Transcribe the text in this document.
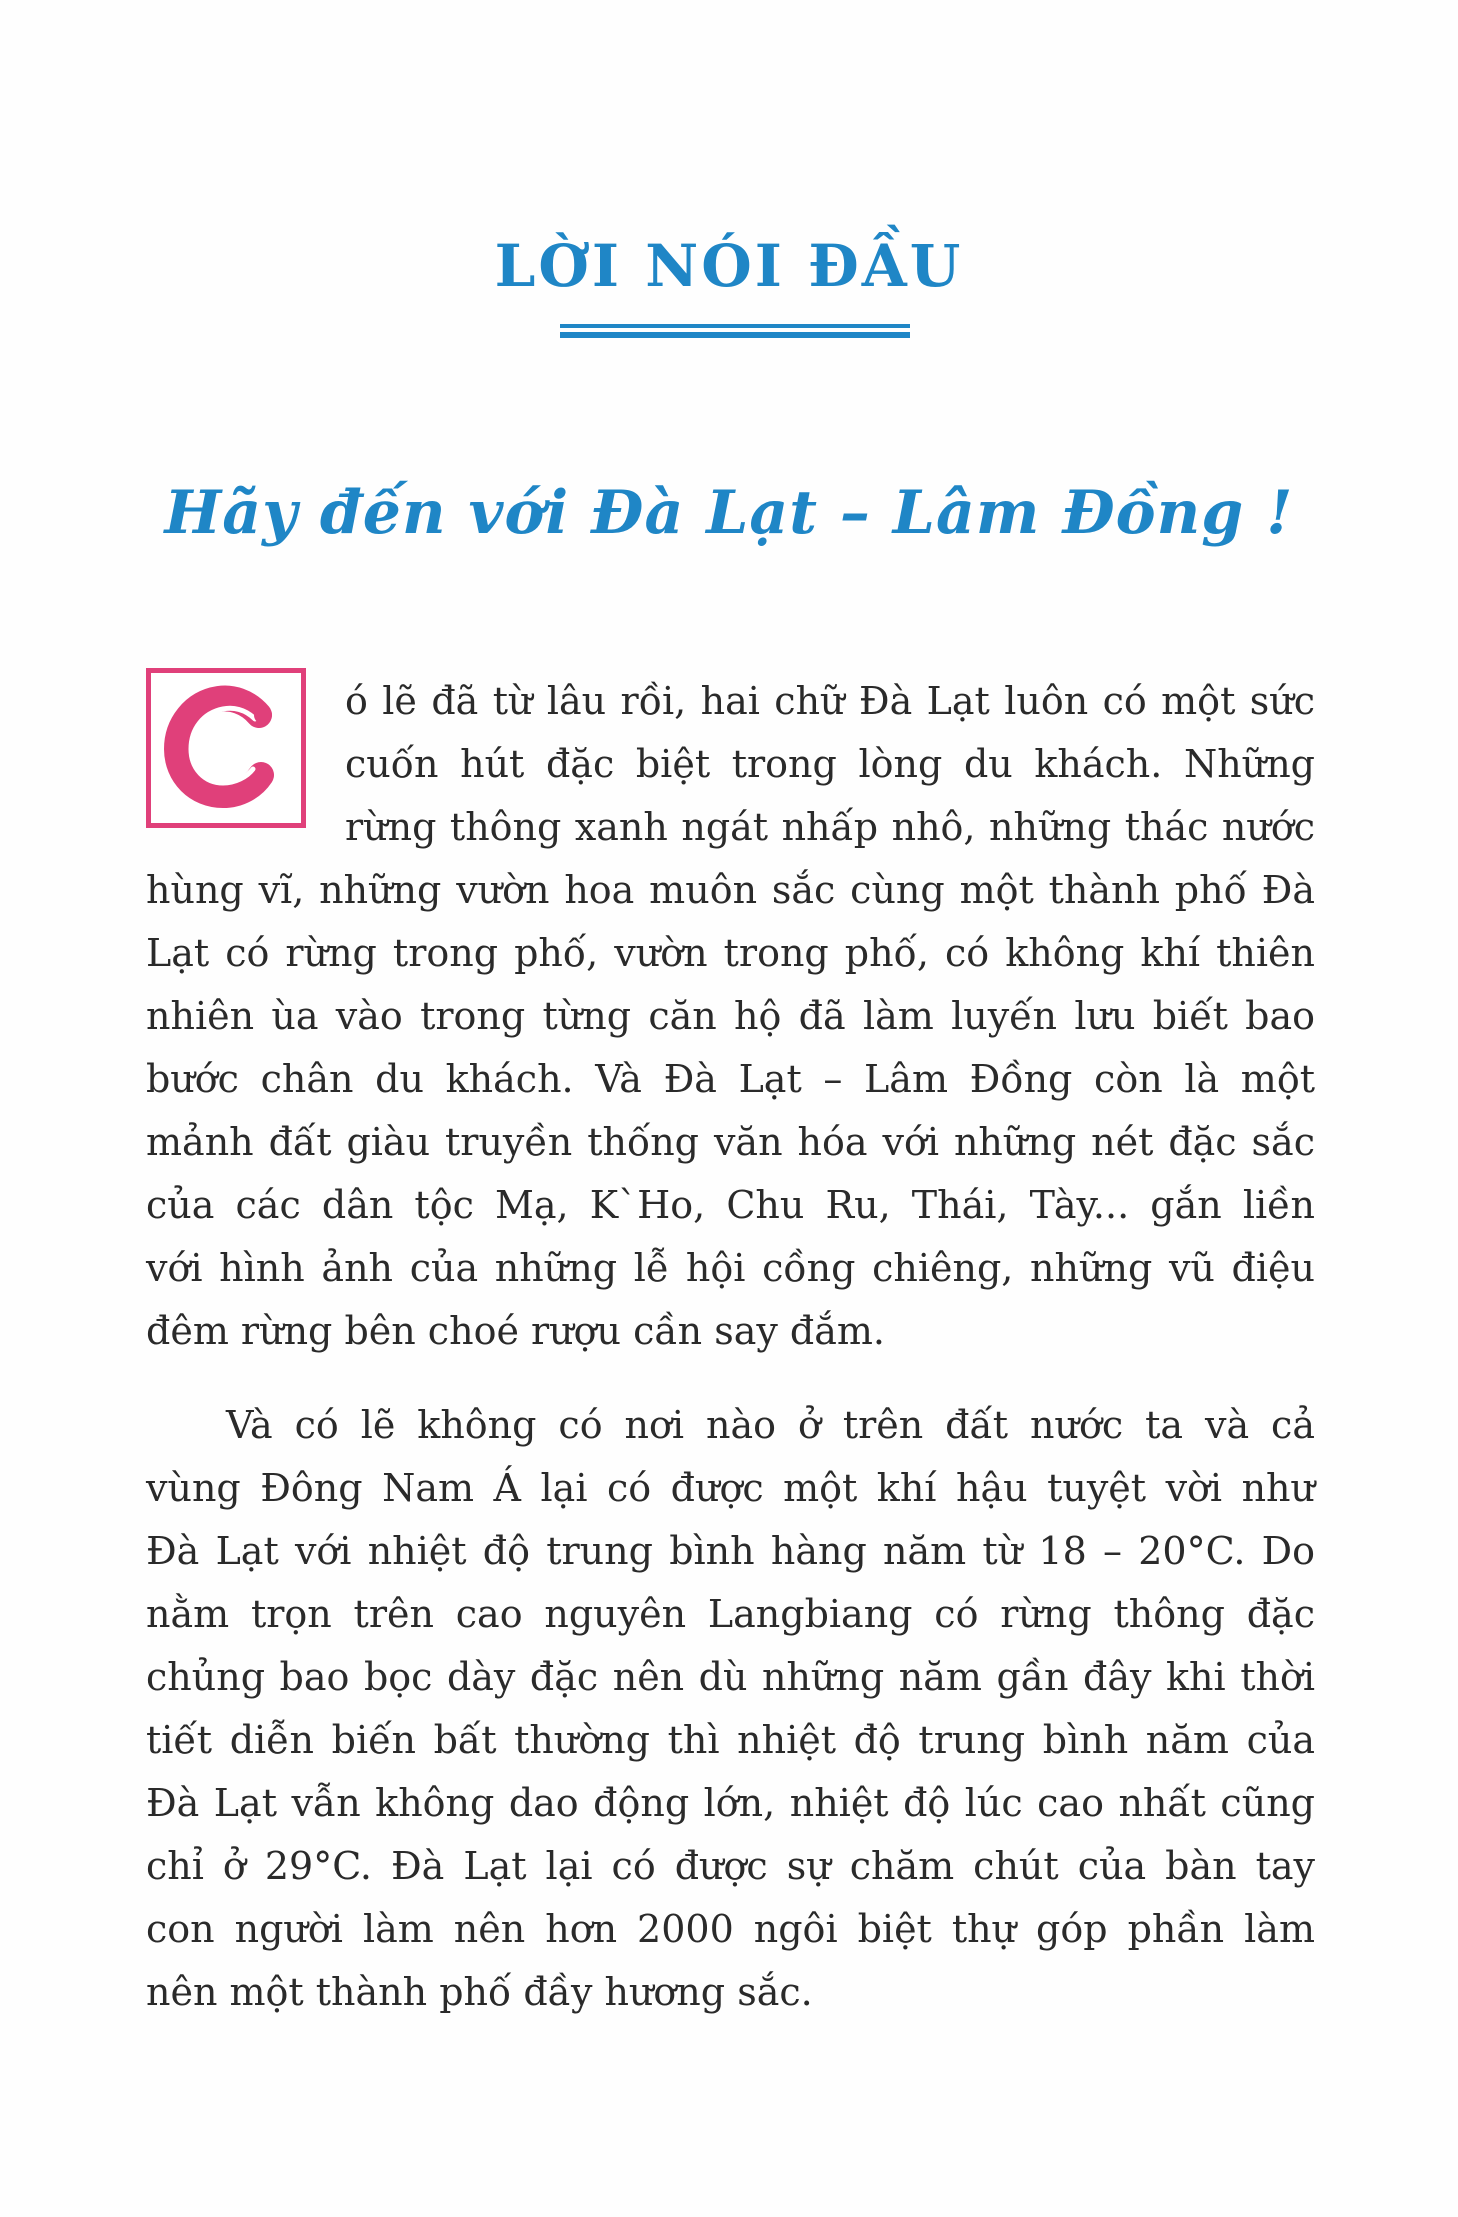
LỜI NÓI ĐẦU
Hãy đến với Đà Lạt – Lâm Đồng !
ó lẽ đã từ lâu rồi, hai chữ Đà Lạt luôn có một sức
cuốn hút đặc biệt trong lòng du khách. Những
rừng thông xanh ngát nhấp nhô, những thác nước
hùng vĩ, những vườn hoa muôn sắc cùng một thành phố Đà
Lạt có rừng trong phố, vườn trong phố, có không khí thiên
nhiên ùa vào trong từng căn hộ đã làm luyến lưu biết bao
bước chân du khách. Và Đà Lạt – Lâm Đồng còn là một
mảnh đất giàu truyền thống văn hóa với những nét đặc sắc
của các dân tộc Mạ, K`Ho, Chu Ru, Thái, Tày... gắn liền
với hình ảnh của những lễ hội cồng chiêng, những vũ điệu
đêm rừng bên choé rượu cần say đắm.
Và có lẽ không có nơi nào ở trên đất nước ta và cả
vùng Đông Nam Á lại có được một khí hậu tuyệt vời như
Đà Lạt với nhiệt độ trung bình hàng năm từ 18 – 20°C. Do
nằm trọn trên cao nguyên Langbiang có rừng thông đặc
chủng bao bọc dày đặc nên dù những năm gần đây khi thời
tiết diễn biến bất thường thì nhiệt độ trung bình năm của
Đà Lạt vẫn không dao động lớn, nhiệt độ lúc cao nhất cũng
chỉ ở 29°C. Đà Lạt lại có được sự chăm chút của bàn tay
con người làm nên hơn 2000 ngôi biệt thự góp phần làm
nên một thành phố đầy hương sắc.
